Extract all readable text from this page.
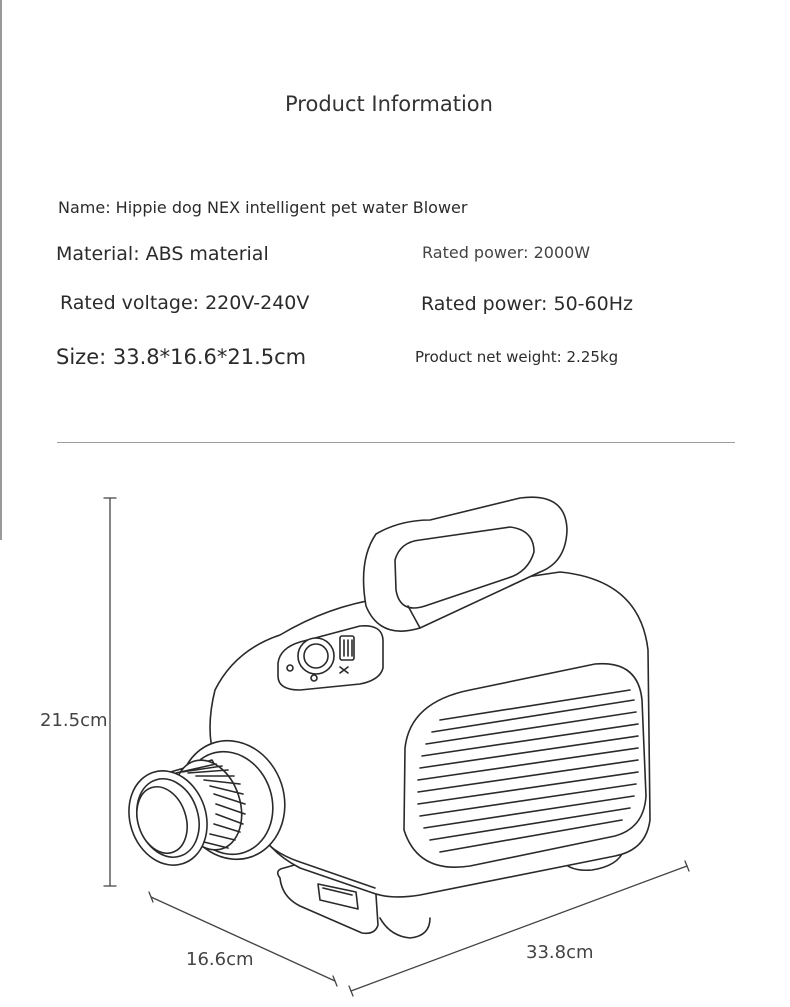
Product Information
Name: Hippie dog NEX intelligent pet water Blower
Material: ABS material	Rated power: 2000W
Rated voltage: 220V-240V	Rated power: 50-60Hz
Size: 33.8*16.6*21.5cm	Product net weight: 2.25kg
21.5cm
16.6cm	33.8cm
